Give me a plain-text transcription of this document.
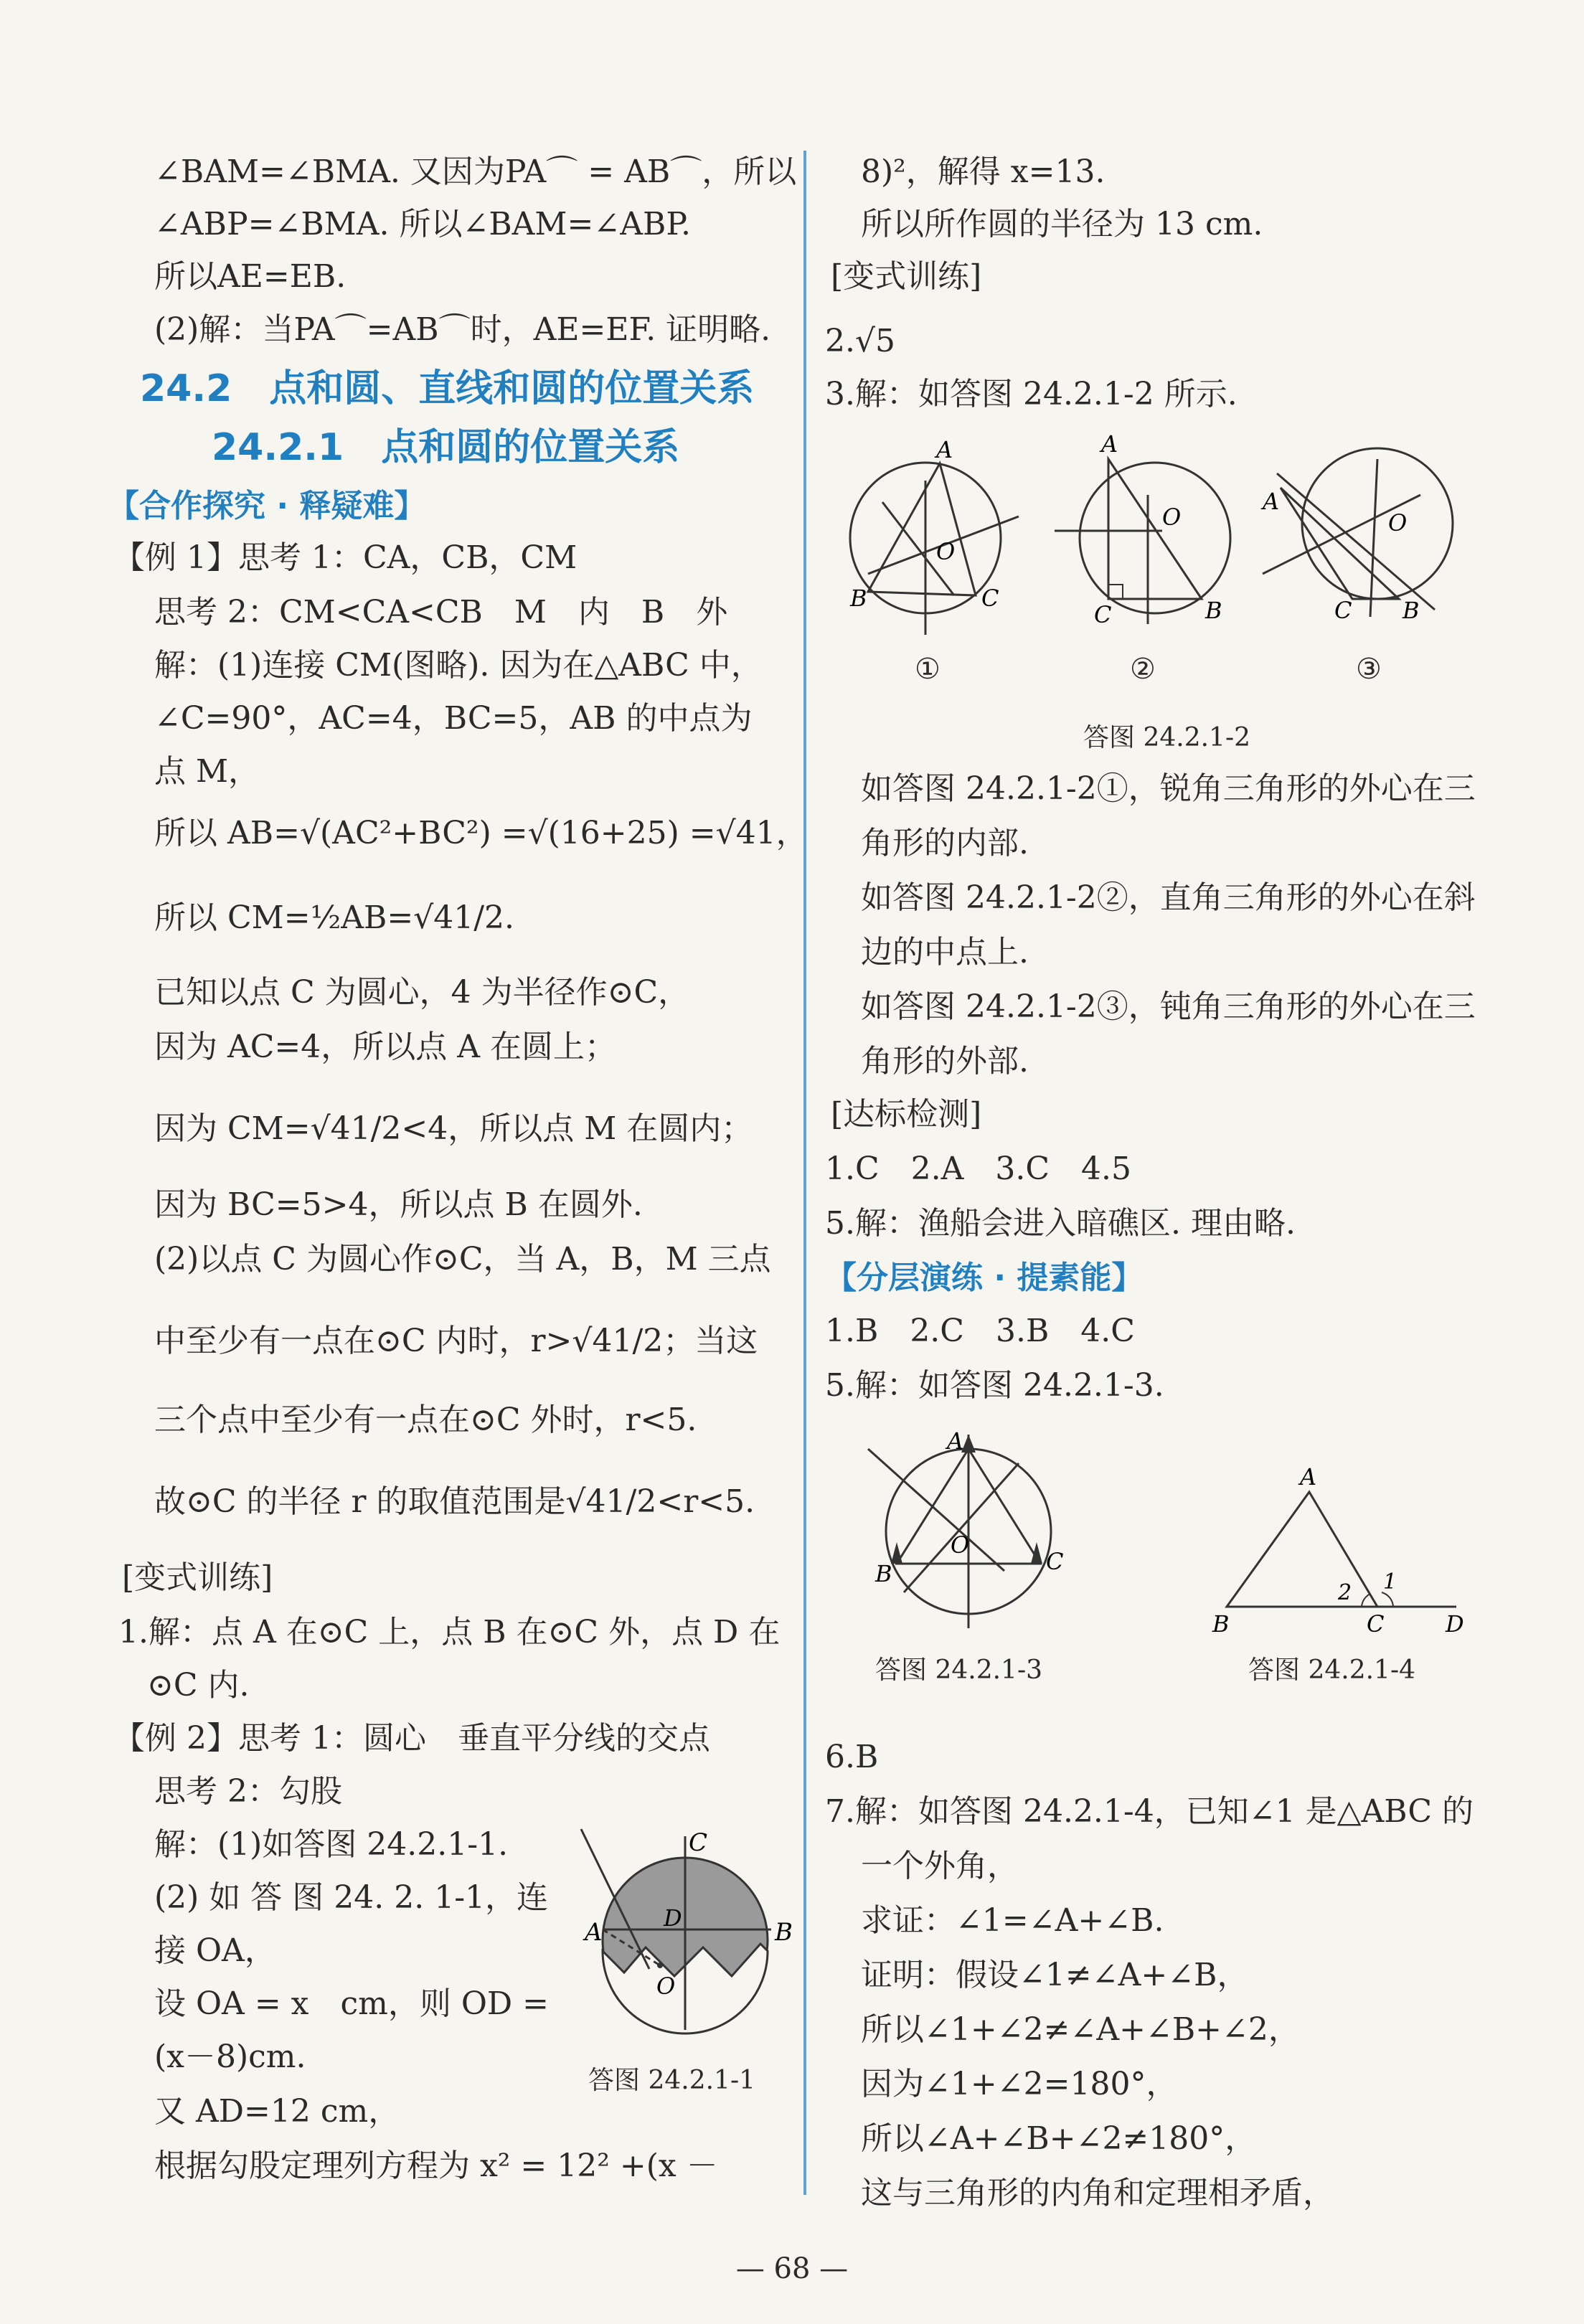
∠BAM=∠BMA. 又因为PA⌒ = AB⌒，所以
∠ABP=∠BMA. 所以∠BAM=∠ABP.
所以AE=EB.
(2)解：当PA⌒=AB⌒时，AE=EF. 证明略.
24.2　点和圆、直线和圆的位置关系
24.2.1　点和圆的位置关系
【合作探究 · 释疑难】
【例 1】思考 1：CA，CB，CM
思考 2：CM<CA<CB　M　内　B　外
解：(1)连接 CM(图略). 因为在△ABC 中，
∠C=90°，AC=4，BC=5，AB 的中点为
点 M，
所以 AB=√(AC²+BC²) =√(16+25) =√41，
所以 CM=½AB=√41/2.
已知以点 C 为圆心，4 为半径作⊙C，
因为 AC=4，所以点 A 在圆上；
因为 CM=√41/2<4，所以点 M 在圆内；
因为 BC=5>4，所以点 B 在圆外.
(2)以点 C 为圆心作⊙C，当 A，B，M 三点
中至少有一点在⊙C 内时，r>√41/2；当这
三个点中至少有一点在⊙C 外时，r<5.
故⊙C 的半径 r 的取值范围是√41/2<r<5.
[变式训练]
1.解：点 A 在⊙C 上，点 B 在⊙C 外，点 D 在
⊙C 内.
【例 2】思考 1：圆心　垂直平分线的交点
思考 2：勾股
解：(1)如答图 24.2.1-1.
(2) 如 答 图 24. 2. 1-1，连
接 OA，
设 OA = x　cm，则 OD =
(x－8)cm.
又 AD=12 cm，
根据勾股定理列方程为 x² = 12² +(x －
C
A	B
D
O
答图 24.2.1-1
8)²，解得 x=13.
所以所作圆的半径为 13 cm.
[变式训练]
2.√5
3.解：如答图 24.2.1-2 所示.
A
B	C
O
A
C	B
O
A
C B
O
①	②	③
答图 24.2.1-2
如答图 24.2.1-2①，锐角三角形的外心在三
角形的内部.
如答图 24.2.1-2②，直角三角形的外心在斜
边的中点上.
如答图 24.2.1-2③，钝角三角形的外心在三
角形的外部.
[达标检测]
1.C　2.A　3.C　4.5
5.解：渔船会进入暗礁区. 理由略.
【分层演练 · 提素能】
1.B　2.C　3.B　4.C
5.解：如答图 24.2.1-3.
A
B	C
O
答图 24.2.1-3
A
B	C	D
2 1
答图 24.2.1-4
6.B
7.解：如答图 24.2.1-4，已知∠1 是△ABC 的
一个外角，
求证：∠1=∠A+∠B.
证明：假设∠1≠∠A+∠B，
所以∠1+∠2≠∠A+∠B+∠2，
因为∠1+∠2=180°，
所以∠A+∠B+∠2≠180°，
这与三角形的内角和定理相矛盾，
— 68 —
